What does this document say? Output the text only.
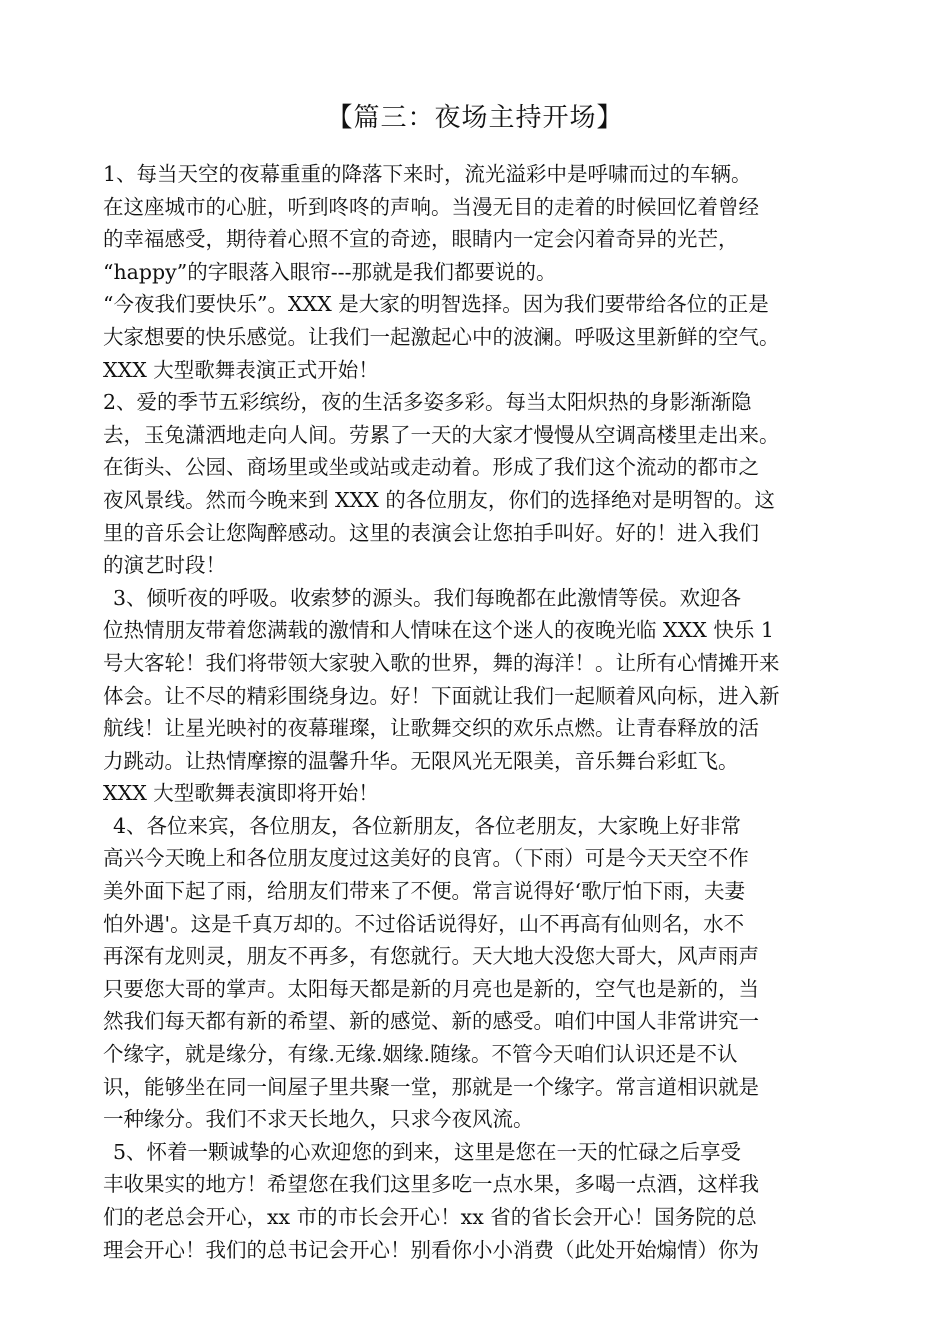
【篇三：夜场主持开场】
1、每当天空的夜幕重重的降落下来时，流光溢彩中是呼啸而过的车辆。
在这座城市的心脏，听到咚咚的声响。当漫无目的走着的时候回忆着曾经
的幸福感受，期待着心照不宣的奇迹，眼睛内一定会闪着奇异的光芒，
“happy”的字眼落入眼帘---那就是我们都要说的。
“今夜我们要快乐”。XXX 是大家的明智选择。因为我们要带给各位的正是
大家想要的快乐感觉。让我们一起激起心中的波澜。呼吸这里新鲜的空气。
XXX 大型歌舞表演正式开始！
2、爱的季节五彩缤纷，夜的生活多姿多彩。每当太阳炽热的身影渐渐隐
去，玉兔潇洒地走向人间。劳累了一天的大家才慢慢从空调高楼里走出来。
在街头、公园、商场里或坐或站或走动着。形成了我们这个流动的都市之
夜风景线。然而今晚来到 XXX 的各位朋友，你们的选择绝对是明智的。这
里的音乐会让您陶醉感动。这里的表演会让您拍手叫好。好的！进入我们
的演艺时段！
3、倾听夜的呼吸。收索梦的源头。我们每晚都在此激情等侯。欢迎各
位热情朋友带着您满载的激情和人情味在这个迷人的夜晚光临 XXX 快乐 1
号大客轮！我们将带领大家驶入歌的世界，舞的海洋！。让所有心情摊开来
体会。让不尽的精彩围绕身边。好！下面就让我们一起顺着风向标，进入新
航线！让星光映衬的夜幕璀璨，让歌舞交织的欢乐点燃。让青春释放的活
力跳动。让热情摩擦的温馨升华。无限风光无限美，音乐舞台彩虹飞。
XXX 大型歌舞表演即将开始！
4、各位来宾，各位朋友，各位新朋友，各位老朋友，大家晚上好非常
高兴今天晚上和各位朋友度过这美好的良宵。（下雨）可是今天天空不作
美外面下起了雨，给朋友们带来了不便。常言说得好‘歌厅怕下雨，夫妻
怕外遇'。这是千真万却的。不过俗话说得好，山不再高有仙则名，水不
再深有龙则灵，朋友不再多，有您就行。天大地大没您大哥大，风声雨声
只要您大哥的掌声。太阳每天都是新的月亮也是新的，空气也是新的，当
然我们每天都有新的希望、新的感觉、新的感受。咱们中国人非常讲究一
个缘字，就是缘分，有缘.无缘.姻缘.随缘。不管今天咱们认识还是不认
识，能够坐在同一间屋子里共聚一堂，那就是一个缘字。常言道相识就是
一种缘分。我们不求天长地久，只求今夜风流。
5、怀着一颗诚挚的心欢迎您的到来，这里是您在一天的忙碌之后享受
丰收果实的地方！希望您在我们这里多吃一点水果，多喝一点酒，这样我
们的老总会开心，xx 市的市长会开心！xx 省的省长会开心！国务院的总
理会开心！我们的总书记会开心！别看你小小消费（此处开始煽情）你为
